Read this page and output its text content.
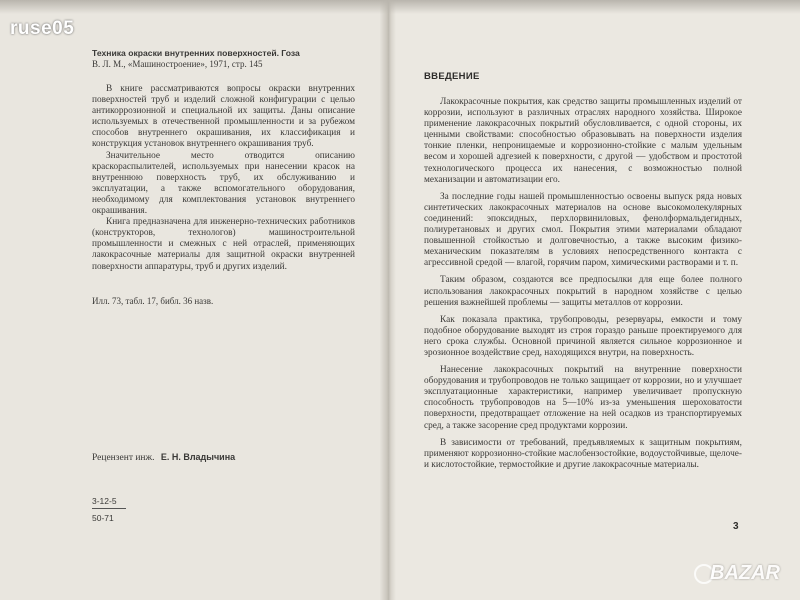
Техника окраски внутренних поверхностей. Гоза
В. Л. М., «Машиностроение», 1971, стр. 145

В книге рассматриваются вопросы окраски внутренних поверхностей труб и изделий сложной конфигурации с целью антикоррозионной и специальной их защиты. Даны описание используемых в отечественной промышленности и за рубежом способов внутреннего окрашивания, их классификация и конструкция установок внутреннего окрашивания труб.

Значительное место отводится описанию краскораспылителей, используемых при нанесении красок на внутреннюю поверхность труб, их обслуживанию и эксплуатации, а также вспомогательного оборудования, необходимому для комплектования установок внутреннего окрашивания.

Книга предназначена для инженерно-технических работников (конструкторов, технологов) машиностроительной промышленности и смежных с ней отраслей, применяющих лакокрасочные материалы для защитной окраски внутренней поверхности аппаратуры, труб и других изделий.

Илл. 73, табл. 17, библ. 36 назв.
Рецензент инж. Е. Н. Владычина
3-12-5
50-71
ВВЕДЕНИЕ

Лакокрасочные покрытия, как средство защиты промышленных изделий от коррозии, используют в различных отраслях народного хозяйства. Широкое применение лакокрасочных покрытий обусловливается, с одной стороны, их ценными свойствами: способностью образовывать на поверхности изделия тонкие пленки, непроницаемые и коррозионно-стойкие с малым удельным весом и хорошей адгезией к поверхности, с другой — удобством и простотой технологического процесса их нанесения, с возможностью полной механизации и автоматизации его.

За последние годы нашей промышленностью освоены выпуск ряда новых синтетических лакокрасочных материалов на основе высокомолекулярных соединений: эпоксидных, перхлорвиниловых, фенолформальдегидных, полиуретановых и других смол. Покрытия этими материалами обладают повышенной стойкостью и долговечностью, а также высоким физико-механическим показателям в условиях непосредственного контакта с агрессивной средой — влагой, горячим паром, химическими растворами и т. п.

Таким образом, создаются все предпосылки для еще более полного использования лакокрасочных покрытий в народном хозяйстве с целью решения важнейшей проблемы — защиты металлов от коррозии.

Как показала практика, трубопроводы, резервуары, емкости и тому подобное оборудование выходят из строя гораздо раньше проектируемого для него срока службы. Основной причиной является сильное коррозионное и эрозионное воздействие сред, находящихся внутри, на поверхность.

Нанесение лакокрасочных покрытий на внутренние поверхности оборудования и трубопроводов не только защищает от коррозии, но и улучшает эксплуатационные характеристики, например увеличивает пропускную способность трубопроводов на 5—10% из-за уменьшения шероховатости поверхности, предотвращает отложение на ней осадков из транспортируемых сред, а также засорение сред продуктами коррозии.

В зависимости от требований, предъявляемых к защитным покрытиям, применяют коррозионно-стойкие маслобензостойкие, водоустойчивые, щелоче- и кислотостойкие, термостойкие и другие лакокрасочные материалы.

3
ruse05
BAZAR
